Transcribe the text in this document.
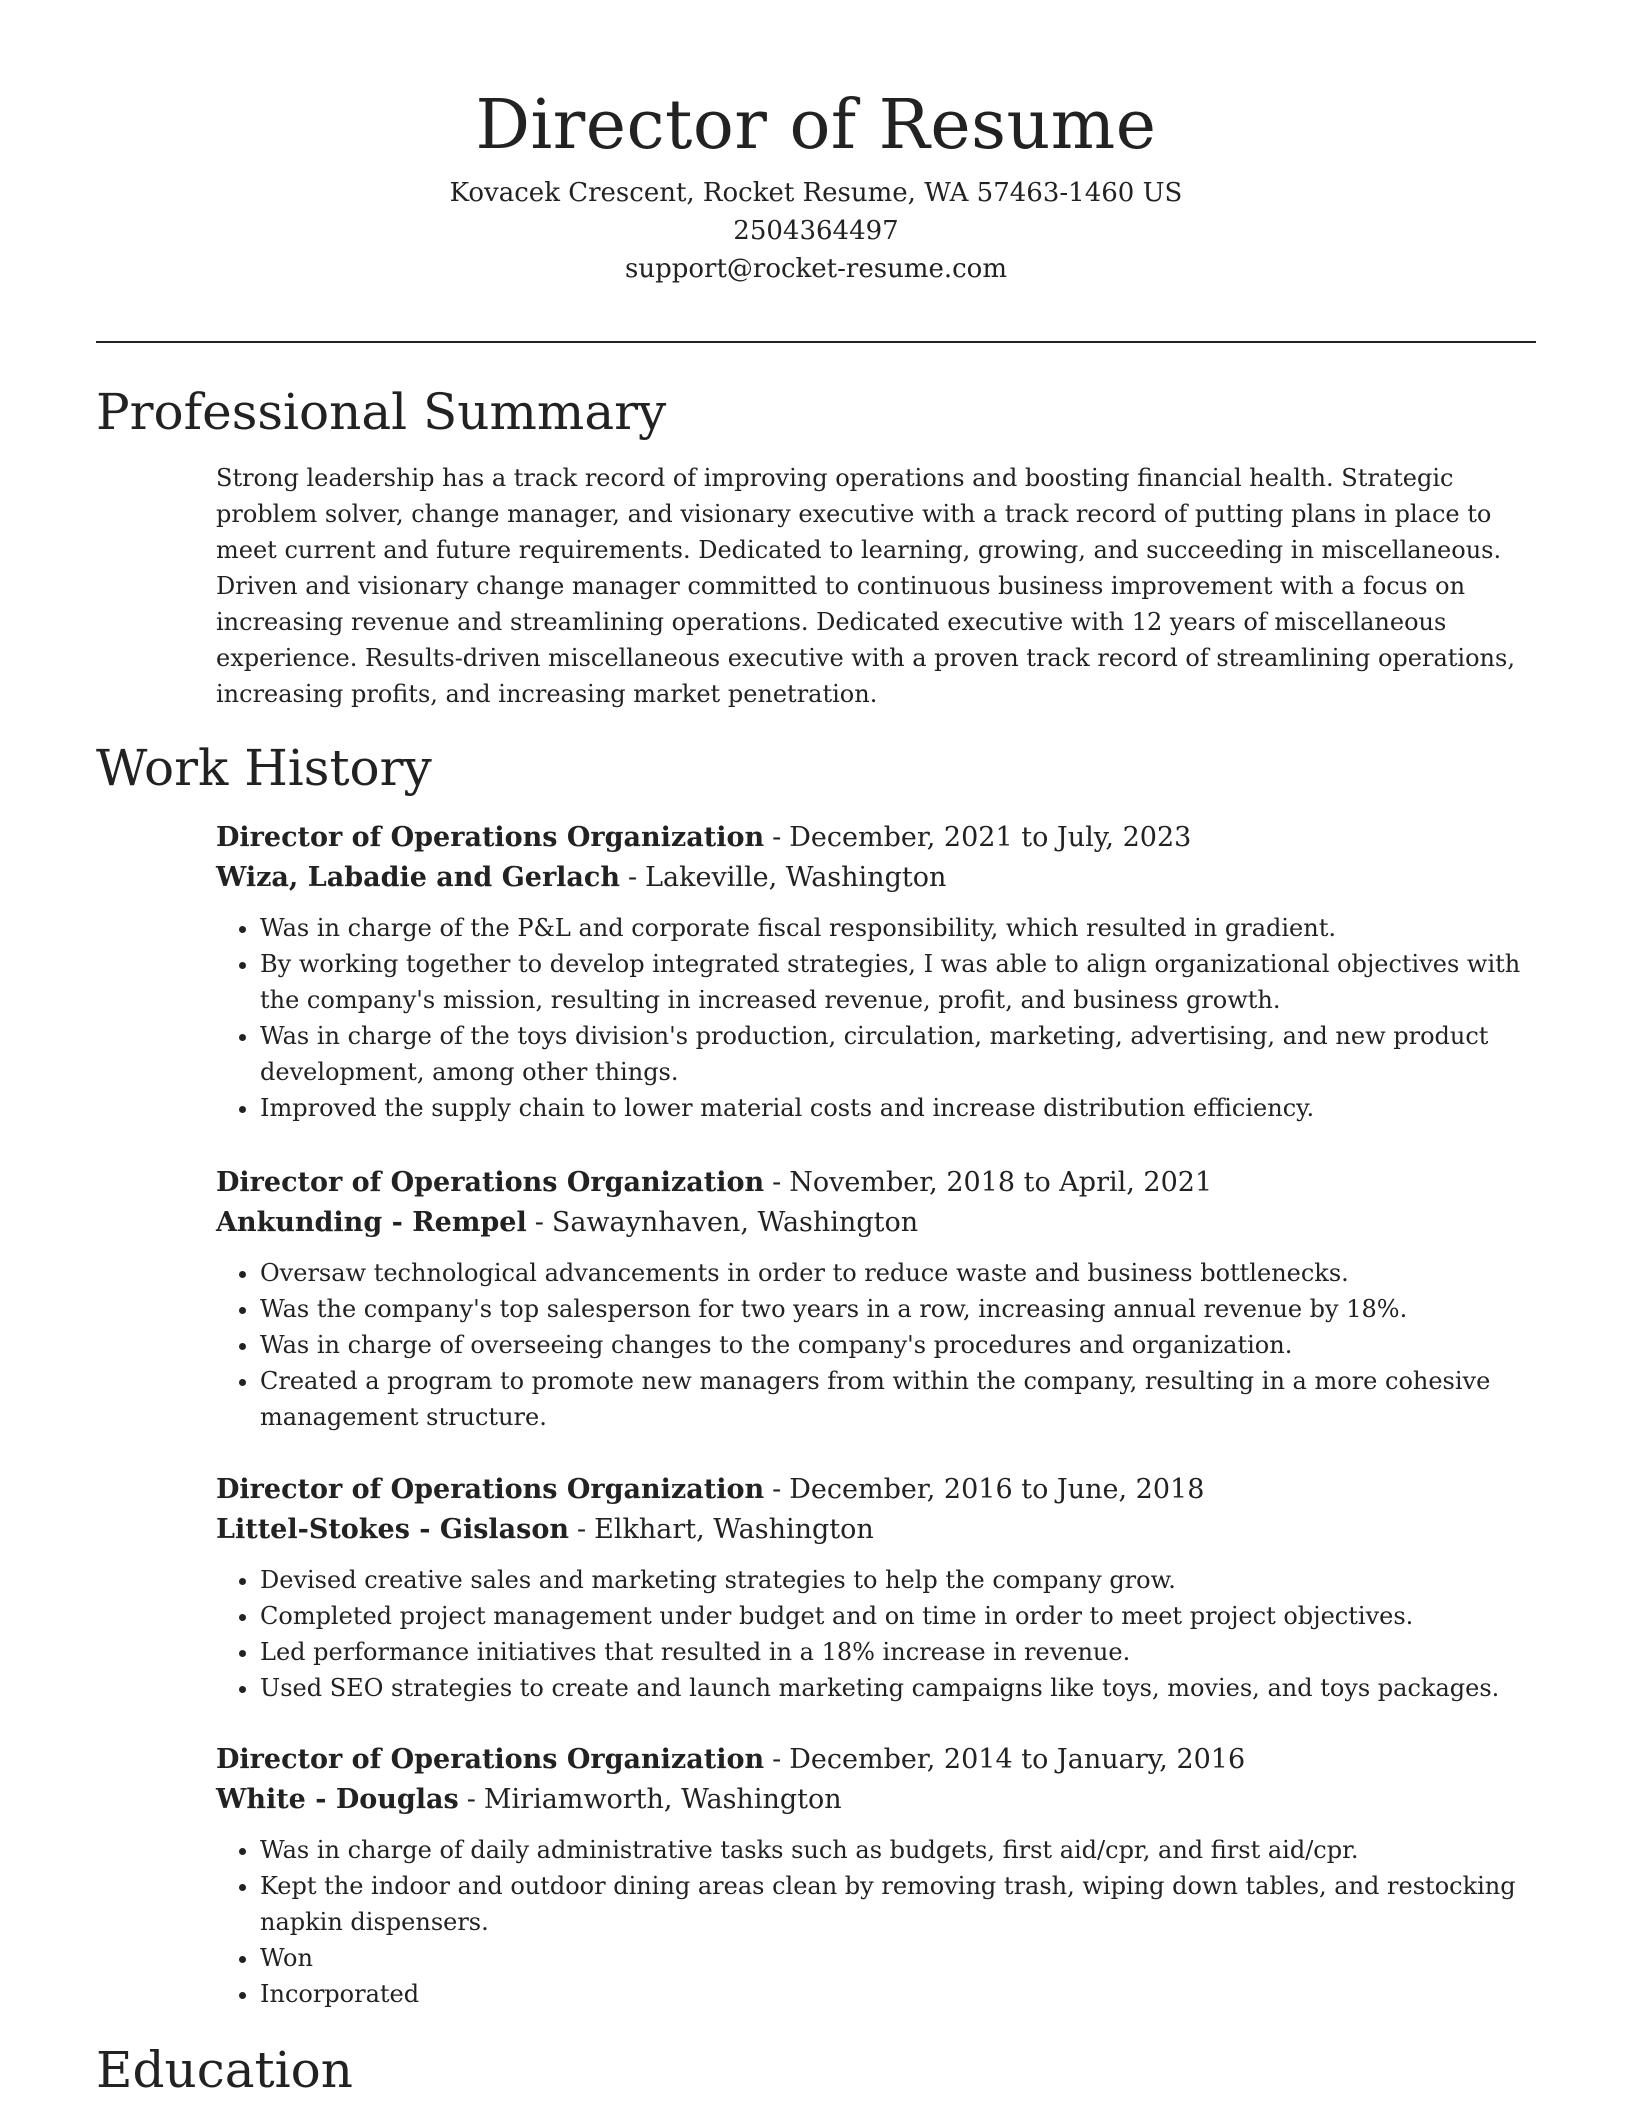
Director of Resume
Kovacek Crescent, Rocket Resume, WA 57463-1460 US
2504364497
support@rocket-resume.com
Professional Summary
Strong leadership has a track record of improving operations and boosting financial health. Strategic problem solver, change manager, and visionary executive with a track record of putting plans in place to meet current and future requirements. Dedicated to learning, growing, and succeeding in miscellaneous. Driven and visionary change manager committed to continuous business improvement with a focus on increasing revenue and streamlining operations. Dedicated executive with 12 years of miscellaneous experience. Results-driven miscellaneous executive with a proven track record of streamlining operations, increasing profits, and increasing market penetration.
Work History
Director of Operations Organization - December, 2021 to July, 2023
Wiza, Labadie and Gerlach - Lakeville, Washington
• Was in charge of the P&L and corporate fiscal responsibility, which resulted in gradient.
• By working together to develop integrated strategies, I was able to align organizational objectives with the company's mission, resulting in increased revenue, profit, and business growth.
• Was in charge of the toys division's production, circulation, marketing, advertising, and new product development, among other things.
• Improved the supply chain to lower material costs and increase distribution efficiency.
Director of Operations Organization - November, 2018 to April, 2021
Ankunding - Rempel - Sawaynhaven, Washington
• Oversaw technological advancements in order to reduce waste and business bottlenecks.
• Was the company's top salesperson for two years in a row, increasing annual revenue by 18%.
• Was in charge of overseeing changes to the company's procedures and organization.
• Created a program to promote new managers from within the company, resulting in a more cohesive management structure.
Director of Operations Organization - December, 2016 to June, 2018
Littel-Stokes - Gislason - Elkhart, Washington
• Devised creative sales and marketing strategies to help the company grow.
• Completed project management under budget and on time in order to meet project objectives.
• Led performance initiatives that resulted in a 18% increase in revenue.
• Used SEO strategies to create and launch marketing campaigns like toys, movies, and toys packages.
Director of Operations Organization - December, 2014 to January, 2016
White - Douglas - Miriamworth, Washington
• Was in charge of daily administrative tasks such as budgets, first aid/cpr, and first aid/cpr.
• Kept the indoor and outdoor dining areas clean by removing trash, wiping down tables, and restocking napkin dispensers.
• Won
• Incorporated
Education
